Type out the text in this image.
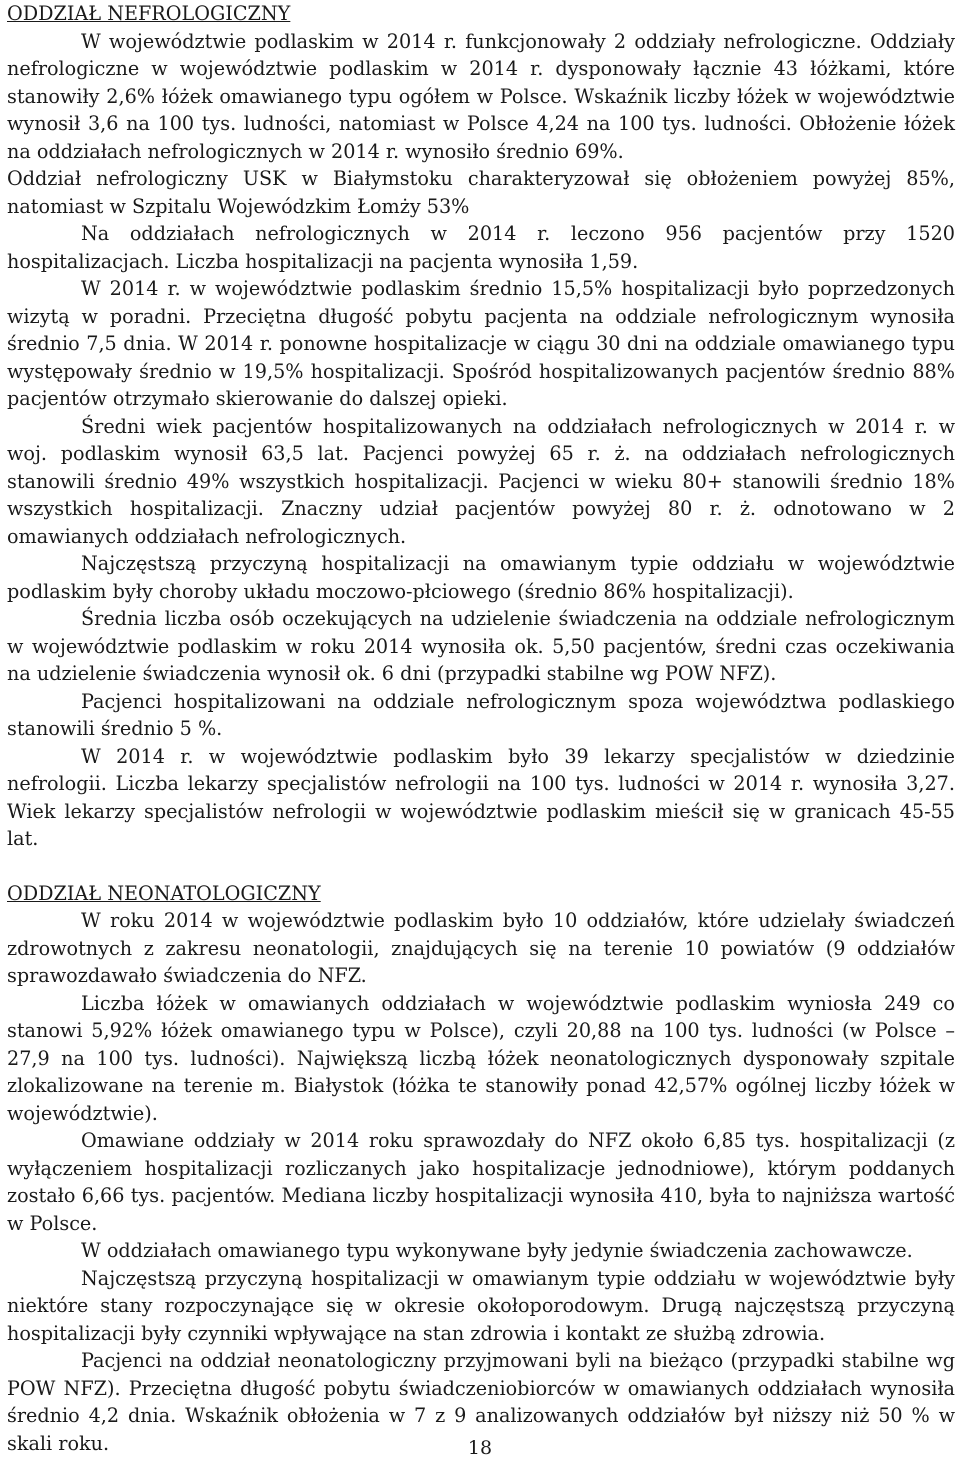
ODDZIAŁ NEFROLOGICZNY

W województwie podlaskim w 2014 r. funkcjonowały 2 oddziały nefrologiczne. Oddziały nefrologiczne w województwie podlaskim w 2014 r. dysponowały łącznie 43 łóżkami, które stanowiły 2,6% łóżek omawianego typu ogółem w Polsce. Wskaźnik liczby łóżek w województwie wynosił 3,6 na 100 tys. ludności, natomiast w Polsce 4,24 na 100 tys. ludności. Obłożenie łóżek na oddziałach nefrologicznych w 2014 r. wynosiło średnio 69%.

Oddział nefrologiczny USK w Białymstoku charakteryzował się obłożeniem powyżej 85%, natomiast w Szpitalu Wojewódzkim Łomży 53%

Na oddziałach nefrologicznych w 2014 r. leczono 956 pacjentów przy 1520 hospitalizacjach. Liczba hospitalizacji na pacjenta wynosiła 1,59.

W 2014 r. w województwie podlaskim średnio 15,5% hospitalizacji było poprzedzonych wizytą w poradni. Przeciętna długość pobytu pacjenta na oddziale nefrologicznym wynosiła średnio 7,5 dnia. W 2014 r. ponowne hospitalizacje w ciągu 30 dni na oddziale omawianego typu występowały średnio w 19,5% hospitalizacji. Spośród hospitalizowanych pacjentów średnio 88% pacjentów otrzymało skierowanie do dalszej opieki.

Średni wiek pacjentów hospitalizowanych na oddziałach nefrologicznych w 2014 r. w woj. podlaskim wynosił 63,5 lat. Pacjenci powyżej 65 r. ż. na oddziałach nefrologicznych stanowili średnio 49% wszystkich hospitalizacji. Pacjenci w wieku 80+ stanowili średnio 18% wszystkich hospitalizacji. Znaczny udział pacjentów powyżej 80 r. ż. odnotowano w 2 omawianych oddziałach nefrologicznych.

Najczęstszą przyczyną hospitalizacji na omawianym typie oddziału w województwie podlaskim były choroby układu moczowo-płciowego (średnio 86% hospitalizacji).

Średnia liczba osób oczekujących na udzielenie świadczenia na oddziale nefrologicznym w województwie podlaskim w roku 2014 wynosiła ok. 5,50 pacjentów, średni czas oczekiwania na udzielenie świadczenia wynosił ok. 6 dni (przypadki stabilne wg POW NFZ).

Pacjenci hospitalizowani na oddziale nefrologicznym spoza województwa podlaskiego stanowili średnio 5 %.

W 2014 r. w województwie podlaskim było 39 lekarzy specjalistów w dziedzinie nefrologii. Liczba lekarzy specjalistów nefrologii na 100 tys. ludności w 2014 r. wynosiła 3,27. Wiek lekarzy specjalistów nefrologii w województwie podlaskim mieścił się w granicach 45-55 lat.

ODDZIAŁ NEONATOLOGICZNY

W roku 2014 w województwie podlaskim było 10 oddziałów, które udzielały świadczeń zdrowotnych z zakresu neonatologii, znajdujących się na terenie 10 powiatów (9 oddziałów sprawozdawało świadczenia do NFZ.

Liczba łóżek w omawianych oddziałach w województwie podlaskim wyniosła 249 co stanowi 5,92% łóżek omawianego typu w Polsce), czyli 20,88 na 100 tys. ludności (w Polsce – 27,9 na 100 tys. ludności). Największą liczbą łóżek neonatologicznych dysponowały szpitale zlokalizowane na terenie m. Białystok (łóżka te stanowiły ponad 42,57% ogólnej liczby łóżek w województwie).

Omawiane oddziały w 2014 roku sprawozdały do NFZ około 6,85 tys. hospitalizacji (z wyłączeniem hospitalizacji rozliczanych jako hospitalizacje jednodniowe), którym poddanych zostało 6,66 tys. pacjentów. Mediana liczby hospitalizacji wynosiła 410, była to najniższa wartość w Polsce.

W oddziałach omawianego typu wykonywane były jedynie świadczenia zachowawcze.

Najczęstszą przyczyną hospitalizacji w omawianym typie oddziału w województwie były niektóre stany rozpoczynające się w okresie okołoporodowym. Drugą najczęstszą przyczyną hospitalizacji były czynniki wpływające na stan zdrowia i kontakt ze służbą zdrowia.

Pacjenci na oddział neonatologiczny przyjmowani byli na bieżąco (przypadki stabilne wg POW NFZ). Przeciętna długość pobytu świadczeniobiorców w omawianych oddziałach wynosiła średnio 4,2 dnia. Wskaźnik obłożenia w 7 z 9 analizowanych oddziałów był niższy niż 50 % w skali roku.	18
